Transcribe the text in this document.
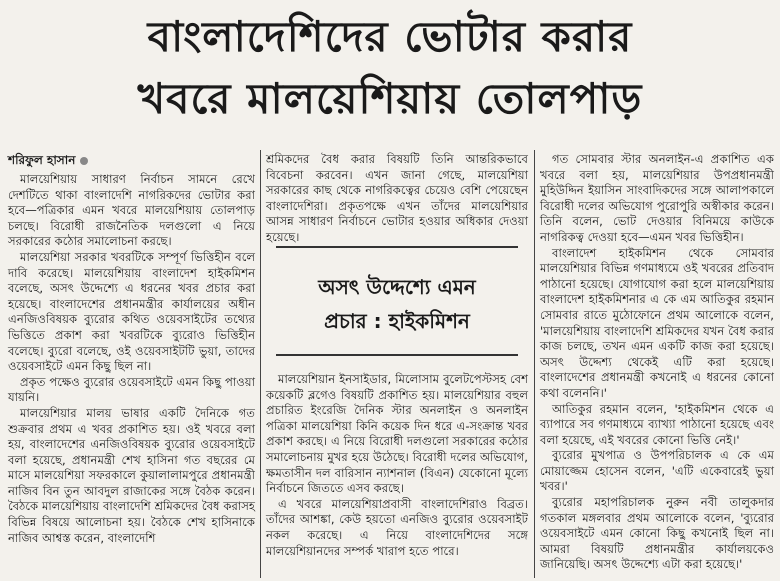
বাংলাদেশিদের ভোটার করার
খবরে মালয়েশিয়ায় তোলপাড়
শরিফুল হাসান

মালয়েশিয়ায় সাধারণ নির্বাচন সামনে রেখে দেশটিতে থাকা বাংলাদেশি নাগরিকদের ভোটার করা হবে—পত্রিকার এমন খবরে মালয়েশিয়ায় তোলপাড় চলছে। বিরোধী রাজনৈতিক দলগুলো এ নিয়ে সরকারের কঠোর সমালোচনা করছে।

মালয়েশিয়া সরকার খবরটিকে সম্পূর্ণ ভিত্তিহীন বলে দাবি করেছে। মালয়েশিয়ায় বাংলাদেশ হাইকমিশন বলেছে, অসৎ উদ্দেশ্যে এ ধরনের খবর প্রচার করা হয়েছে। বাংলাদেশের প্রধানমন্ত্রীর কার্যালয়ের অধীন এনজিওবিষয়ক ব্যুরোর কথিত ওয়েবসাইটের তথ্যের ভিত্তিতে প্রকাশ করা খবরটিকে ব্যুরোও ভিত্তিহীন বলেছে। ব্যুরো বলেছে, ওই ওয়েবসাইটটি ভুয়া, তাদের ওয়েবসাইটে এমন কিছু ছিল না।

প্রকৃত পক্ষেও ব্যুরোর ওয়েবসাইটে এমন কিছু পাওয়া যায়নি।

মালয়েশিয়ার মালয় ভাষার একটি দৈনিকে গত শুক্রবার প্রথম এ খবর প্রকাশিত হয়। ওই খবরে বলা হয়, বাংলাদেশের এনজিওবিষয়ক ব্যুরোর ওয়েবসাইটে বলা হয়েছে, প্রধানমন্ত্রী শেখ হাসিনা গত বছরের মে মাসে মালয়েশিয়া সফরকালে কুয়ালালামপুরে প্রধানমন্ত্রী নাজিব বিন তুন আবদুল রাজাকের সঙ্গে বৈঠক করেন। বৈঠকে মালয়েশিয়ায় বাংলাদেশি শ্রমিকদের বৈধ করাসহ বিভিন্ন বিষয়ে আলোচনা হয়। বৈঠকে শেখ হাসিনাকে নাজিব আশ্বস্ত করেন, বাংলাদেশি

শ্রমিকদের বৈধ করার বিষয়টি তিনি আন্তরিকভাবে বিবেচনা করবেন। এখন জানা গেছে, মালয়েশিয়া সরকারের কাছ থেকে নাগরিকত্বের চেয়েও বেশি পেয়েছেন বাংলাদেশিরা। প্রকৃতপক্ষে এখন তাঁদের মালয়েশিয়ার আসন্ন সাধারণ নির্বাচনে ভোটার হওয়ার অধিকার দেওয়া হয়েছে।

অসৎ উদ্দেশ্যে এমন
প্রচার : হাইকমিশন

মালয়েশিয়ান ইনসাইডার, মিলোসাম বুলেটপেস্টসহ বেশ কয়েকটি ব্লগেও বিষয়টি প্রকাশিত হয়। মালয়েশিয়ার বহুল প্রচারিত ইংরেজি দৈনিক স্টার অনলাইন ও অনলাইন পত্রিকা মালয়েশিয়া কিনি কয়েক দিন ধরে এ-সংক্রান্ত খবর প্রকাশ করছে। এ নিয়ে বিরোধী দলগুলো সরকারের কঠোর সমালোচনায় মুখর হয়ে উঠেছে। বিরোধী দলের অভিযোগ, ক্ষমতাসীন দল বারিসান ন্যাশনাল (বিএন) যেকোনো মূল্যে নির্বাচনে জিততে এসব করছে।

এ খবরে মালয়েশিয়াপ্রবাসী বাংলাদেশিরাও বিব্রত। তাঁদের আশঙ্কা, কেউ হয়তো এনজিও ব্যুরোর ওয়েবসাইট নকল করেছে। এ নিয়ে বাংলাদেশিদের সঙ্গে মালয়েশিয়ানদের সম্পর্ক খারাপ হতে পারে।

গত সোমবার স্টার অনলাইন-এ প্রকাশিত এক খবরে বলা হয়, মালয়েশিয়ার উপপ্রধানমন্ত্রী মুহিউদ্দিন ইয়াসিন সাংবাদিকদের সঙ্গে আলাপকালে বিরোধী দলের অভিযোগ পুরোপুরি অস্বীকার করেন। তিনি বলেন, ভোট দেওয়ার বিনিময়ে কাউকে নাগরিকত্ব দেওয়া হবে—এমন খবর ভিত্তিহীন।

বাংলাদেশ হাইকমিশন থেকে সোমবার মালয়েশিয়ার বিভিন্ন গণমাধ্যমে ওই খবরের প্রতিবাদ পাঠানো হয়েছে। যোগাযোগ করা হলে মালয়েশিয়ায় বাংলাদেশ হাইকমিশনার এ কে এম আতিকুর রহমান সোমবার রাতে মুঠোফোনে প্রথম আলোকে বলেন, 'মালয়েশিয়ায় বাংলাদেশি শ্রমিকদের যখন বৈধ করার কাজ চলছে, তখন এমন একটি কাজ করা হয়েছে। অসৎ উদ্দেশ্য থেকেই এটি করা হয়েছে। বাংলাদেশের প্রধানমন্ত্রী কখনোই এ ধরনের কোনো কথা বলেননি।'

আতিকুর রহমান বলেন, 'হাইকমিশন থেকে এ ব্যাপারে সব গণমাধ্যমে ব্যাখ্যা পাঠানো হয়েছে এবং বলা হয়েছে, এই খবরের কোনো ভিত্তি নেই।'

ব্যুরোর মুখপাত্র ও উপপরিচালক এ কে এম মোয়াজ্জেম হোসেন বলেন, 'এটি একেবারেই ভুয়া খবর।'

ব্যুরোর মহাপরিচালক নুরুন নবী তালুকদার গতকাল মঙ্গলবার প্রথম আলোকে বলেন, 'ব্যুরোর ওয়েবসাইটে এমন কোনো কিছু কখনোই ছিল না। আমরা বিষয়টি প্রধানমন্ত্রীর কার্যালয়কেও জানিয়েছি। অসৎ উদ্দেশ্যে এটা করা হয়েছে।'
